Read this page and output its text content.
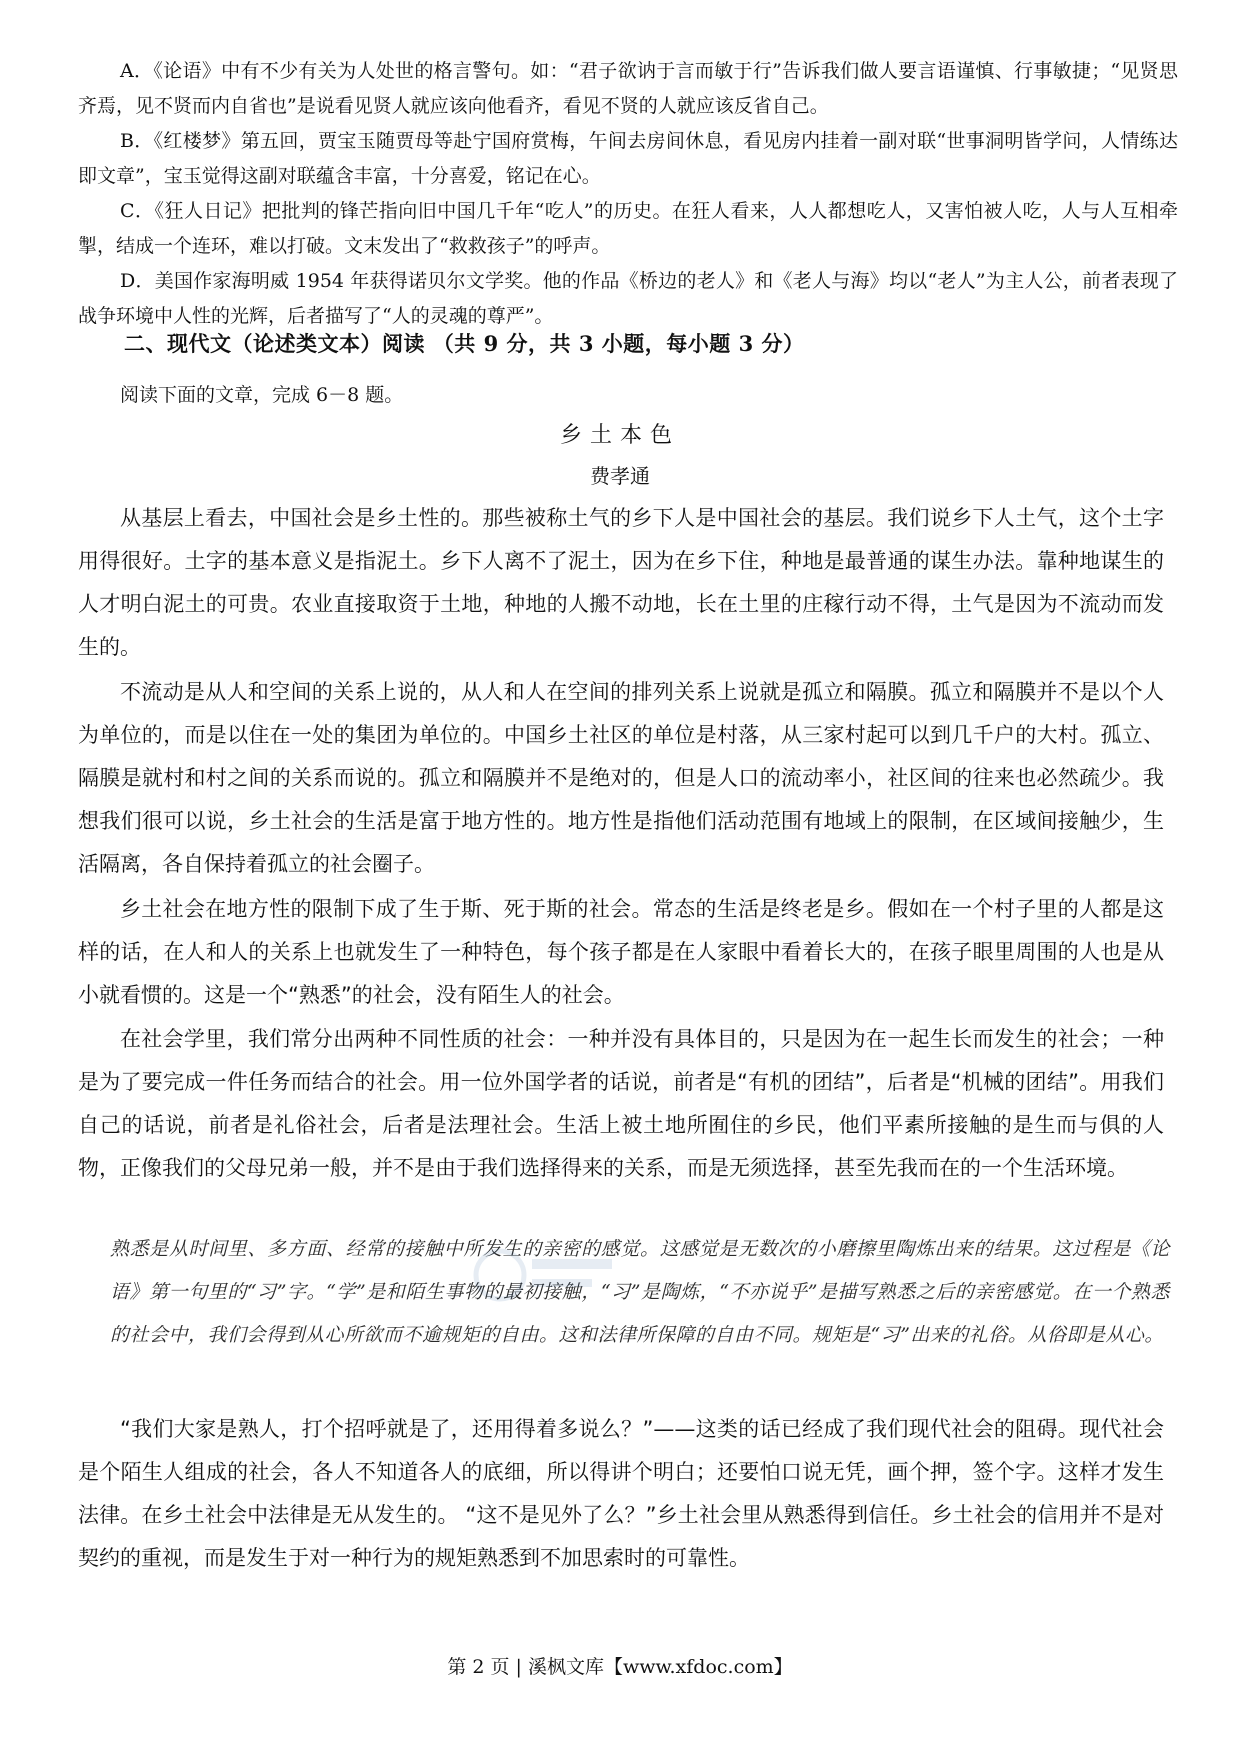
A．《论语》中有不少有关为人处世的格言警句。如：“君子欲讷于言而敏于行”告诉我们做人要言语谨慎、行事敏捷；“见贤思齐焉，见不贤而内自省也”是说看见贤人就应该向他看齐，看见不贤的人就应该反省自己。
B．《红楼梦》第五回，贾宝玉随贾母等赴宁国府赏梅，午间去房间休息，看见房内挂着一副对联“世事洞明皆学问，人情练达即文章”，宝玉觉得这副对联蕴含丰富，十分喜爱，铭记在心。
C．《狂人日记》把批判的锋芒指向旧中国几千年“吃人”的历史。在狂人看来，人人都想吃人，又害怕被人吃，人与人互相牵掣，结成一个连环，难以打破。文末发出了“救救孩子”的呼声。
D．美国作家海明威 1954 年获得诺贝尔文学奖。他的作品《桥边的老人》和《老人与海》均以“老人”为主人公，前者表现了战争环境中人性的光辉，后者描写了“人的灵魂的尊严”。
二、现代文（论述类文本）阅读 （共 9 分，共 3 小题，每小题 3 分）
阅读下面的文章，完成 6－8 题。
乡土本色
费孝通
从基层上看去，中国社会是乡土性的。那些被称土气的乡下人是中国社会的基层。我们说乡下人土气，这个土字用得很好。土字的基本意义是指泥土。乡下人离不了泥土，因为在乡下住，种地是最普通的谋生办法。靠种地谋生的人才明白泥土的可贵。农业直接取资于土地，种地的人搬不动地，长在土里的庄稼行动不得，土气是因为不流动而发生的。
不流动是从人和空间的关系上说的，从人和人在空间的排列关系上说就是孤立和隔膜。孤立和隔膜并不是以个人为单位的，而是以住在一处的集团为单位的。中国乡土社区的单位是村落，从三家村起可以到几千户的大村。孤立、隔膜是就村和村之间的关系而说的。孤立和隔膜并不是绝对的，但是人口的流动率小，社区间的往来也必然疏少。我想我们很可以说，乡土社会的生活是富于地方性的。地方性是指他们活动范围有地域上的限制，在区域间接触少，生活隔离，各自保持着孤立的社会圈子。
乡土社会在地方性的限制下成了生于斯、死于斯的社会。常态的生活是终老是乡。假如在一个村子里的人都是这样的话，在人和人的关系上也就发生了一种特色，每个孩子都是在人家眼中看着长大的，在孩子眼里周围的人也是从小就看惯的。这是一个“熟悉”的社会，没有陌生人的社会。
在社会学里，我们常分出两种不同性质的社会：一种并没有具体目的，只是因为在一起生长而发生的社会；一种是为了要完成一件任务而结合的社会。用一位外国学者的话说，前者是“有机的团结”，后者是“机械的团结”。用我们自己的话说，前者是礼俗社会，后者是法理社会。生活上被土地所囿住的乡民，他们平素所接触的是生而与俱的人物，正像我们的父母兄弟一般，并不是由于我们选择得来的关系，而是无须选择，甚至先我而在的一个生活环境。
熟悉是从时间里、多方面、经常的接触中所发生的亲密的感觉。这感觉是无数次的小磨擦里陶炼出来的结果。这过程是《论语》第一句里的“习”字。“学”是和陌生事物的最初接触，“习”是陶炼，“不亦说乎”是描写熟悉之后的亲密感觉。在一个熟悉的社会中，我们会得到从心所欲而不逾规矩的自由。这和法律所保障的自由不同。规矩是“习”出来的礼俗。从俗即是从心。
“我们大家是熟人，打个招呼就是了，还用得着多说么？”——这类的话已经成了我们现代社会的阻碍。现代社会是个陌生人组成的社会，各人不知道各人的底细，所以得讲个明白；还要怕口说无凭，画个押，签个字。这样才发生法律。在乡土社会中法律是无从发生的。 “这不是见外了么？”乡土社会里从熟悉得到信任。乡土社会的信用并不是对契约的重视，而是发生于对一种行为的规矩熟悉到不加思索时的可靠性。
第 2 页 | 溪枫文库【www.xfdoc.com】
